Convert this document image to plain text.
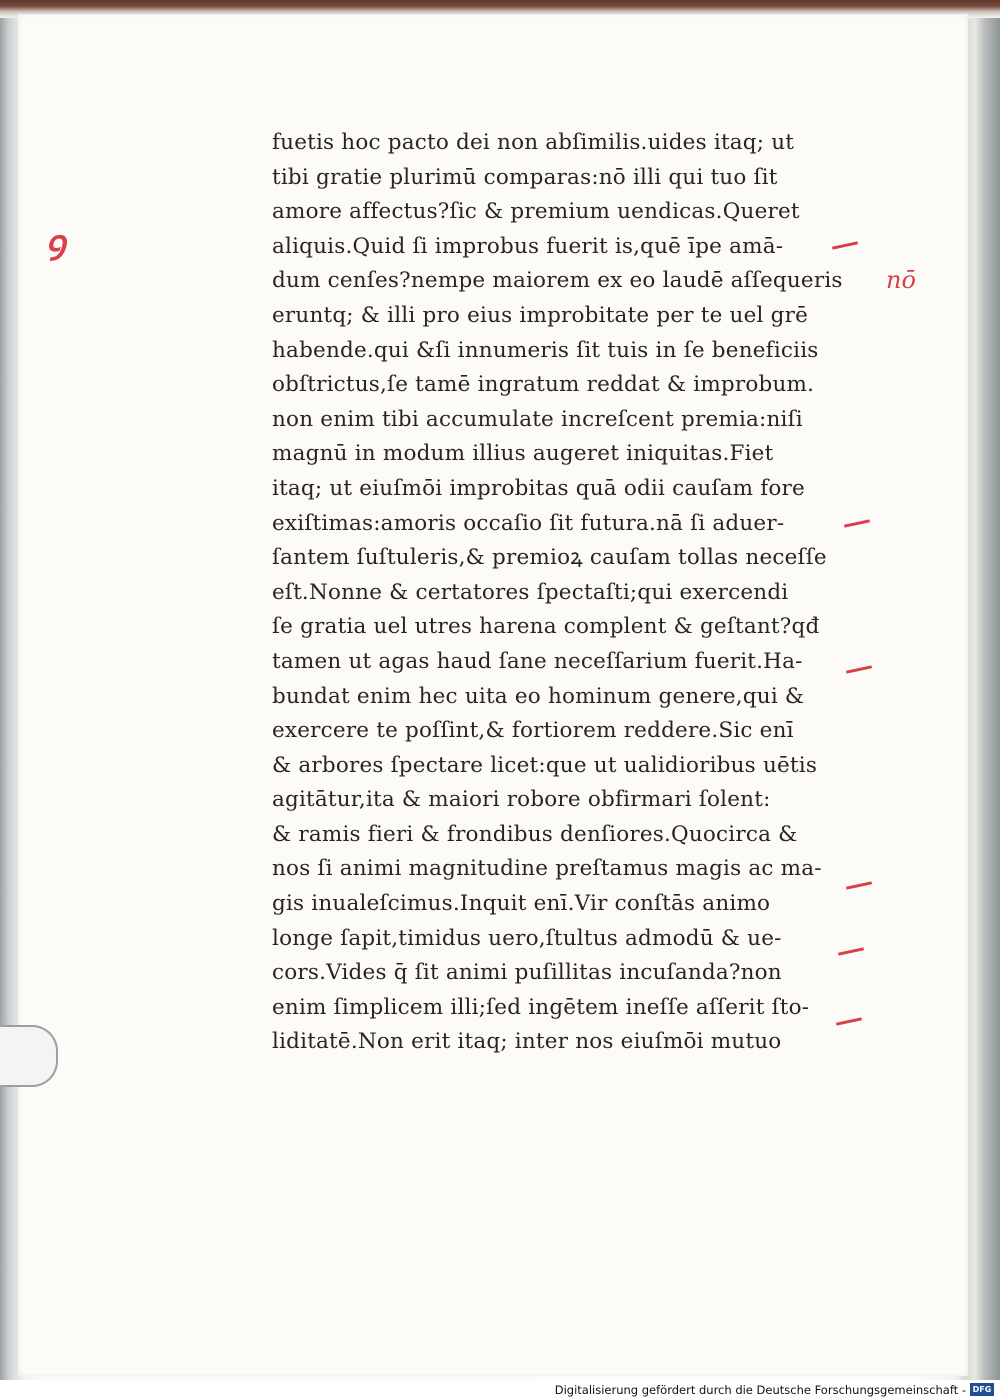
Ꝯ
nō
fuetis hoc pacto dei non abſimilis.uides itaq; ut
tibi gratie plurimū comparas:nō illi qui tuo ſit
amore affectus?ſic & premium uendicas.Queret
aliquis.Quid ſi improbus fuerit is,quē īpe amā-
dum cenſes?nempe maiorem ex eo laudē aſſequeris
eruntq; & illi pro eius improbitate per te uel grē
habende.qui &ſi innumeris ſit tuis in ſe beneficiis
obſtrictus,ſe tamē ingratum reddat & improbum.
non enim tibi accumulate increſcent premia:niſi
magnū in modum illius augeret iniquitas.Fiet
itaq; ut eiuſmōi improbitas quā odii cauſam fore
exiſtimas:amoris occaſio ſit futura.nā ſi aduer-
ſantem ſuſtuleris,& premioꝝ cauſam tollas neceſſe
eſt.Nonne & certatores ſpectaſti;qui exercendi
ſe gratia uel utres harena complent & geſtant?qđ
tamen ut agas haud ſane neceſſarium fuerit.Ha-
bundat enim hec uita eo hominum genere,qui &
exercere te poſſint,& fortiorem reddere.Sic enī
& arbores ſpectare licet:que ut ualidioribus uētis
agitātur,ita & maiori robore obfirmari ſolent:
& ramis fieri & frondibus denſiores.Quocirca &
nos ſi animi magnitudine preſtamus magis ac ma-
gis inualeſcimus.Inquit enī.Vir conſtās animo
longe ſapit,timidus uero,ſtultus admodū & ue-
cors.Vides q̄ ſit animi puſillitas incuſanda?non
enim ſimplicem illi;ſed ingētem ineſſe aſſerit ſto-
liditatē.Non erit itaq; inter nos eiuſmōi mutuo
Digitalisierung gefördert durch die Deutsche Forschungsgemeinschaft - DFG
